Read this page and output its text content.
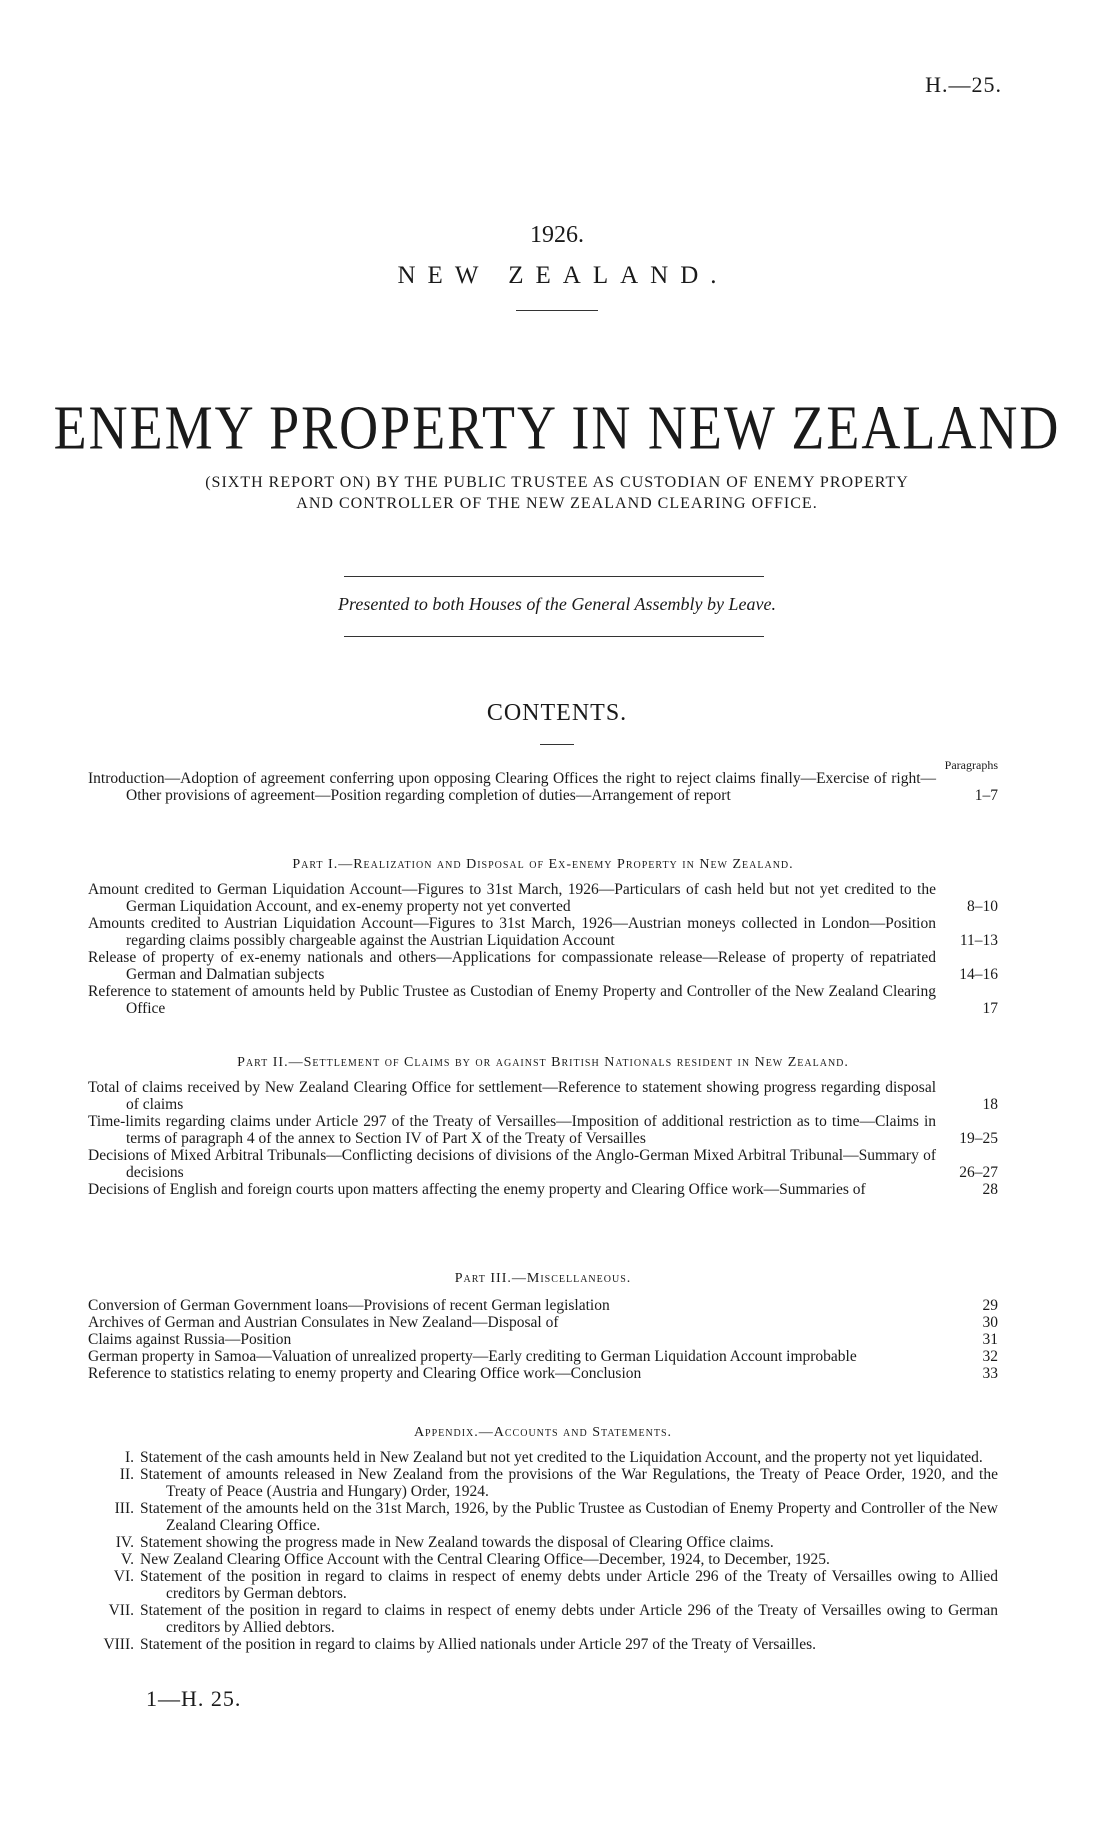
H.—25.
1926.
NEW ZEALAND.
ENEMY PROPERTY IN NEW ZEALAND
(SIXTH REPORT ON) BY THE PUBLIC TRUSTEE AS CUSTODIAN OF ENEMY PROPERTY
AND CONTROLLER OF THE NEW ZEALAND CLEARING OFFICE.
Presented to both Houses of the General Assembly by Leave.
CONTENTS.
Paragraphs
Introduction—Adoption of agreement conferring upon opposing Clearing Offices the right to reject claims finally—Exercise of right—Other provisions of agreement—Position regarding completion of duties—Arrangement of report	1–7
Part I.—Realization and Disposal of Ex-enemy Property in New Zealand.
Amount credited to German Liquidation Account—Figures to 31st March, 1926—Particulars of cash held but not yet credited to the German Liquidation Account, and ex-enemy property not yet converted	8–10
Amounts credited to Austrian Liquidation Account—Figures to 31st March, 1926—Austrian moneys collected in London—Position regarding claims possibly chargeable against the Austrian Liquidation Account	11–13
Release of property of ex-enemy nationals and others—Applications for compassionate release—Release of property of repatriated German and Dalmatian subjects	14–16
Reference to statement of amounts held by Public Trustee as Custodian of Enemy Property and Controller of the New Zealand Clearing Office	17
Part II.—Settlement of Claims by or against British Nationals resident in New Zealand.
Total of claims received by New Zealand Clearing Office for settlement—Reference to statement showing progress regarding disposal of claims	18
Time-limits regarding claims under Article 297 of the Treaty of Versailles—Imposition of additional restriction as to time—Claims in terms of paragraph 4 of the annex to Section IV of Part X of the Treaty of Versailles	19–25
Decisions of Mixed Arbitral Tribunals—Conflicting decisions of divisions of the Anglo-German Mixed Arbitral Tribunal—Summary of decisions	26–27
Decisions of English and foreign courts upon matters affecting the enemy property and Clearing Office work—Summaries of	28
Part III.—Miscellaneous.
Conversion of German Government loans—Provisions of recent German legislation	29
Archives of German and Austrian Consulates in New Zealand—Disposal of	30
Claims against Russia—Position	31
German property in Samoa—Valuation of unrealized property—Early crediting to German Liquidation Account improbable	32
Reference to statistics relating to enemy property and Clearing Office work—Conclusion	33
Appendix.—Accounts and Statements.
I. Statement of the cash amounts held in New Zealand but not yet credited to the Liquidation Account, and the property not yet liquidated.
II. Statement of amounts released in New Zealand from the provisions of the War Regulations, the Treaty of Peace Order, 1920, and the Treaty of Peace (Austria and Hungary) Order, 1924.
III. Statement of the amounts held on the 31st March, 1926, by the Public Trustee as Custodian of Enemy Property and Controller of the New Zealand Clearing Office.
IV. Statement showing the progress made in New Zealand towards the disposal of Clearing Office claims.
V. New Zealand Clearing Office Account with the Central Clearing Office—December, 1924, to December, 1925.
VI. Statement of the position in regard to claims in respect of enemy debts under Article 296 of the Treaty of Versailles owing to Allied creditors by German debtors.
VII. Statement of the position in regard to claims in respect of enemy debts under Article 296 of the Treaty of Versailles owing to German creditors by Allied debtors.
VIII. Statement of the position in regard to claims by Allied nationals under Article 297 of the Treaty of Versailles.
1—H. 25.
